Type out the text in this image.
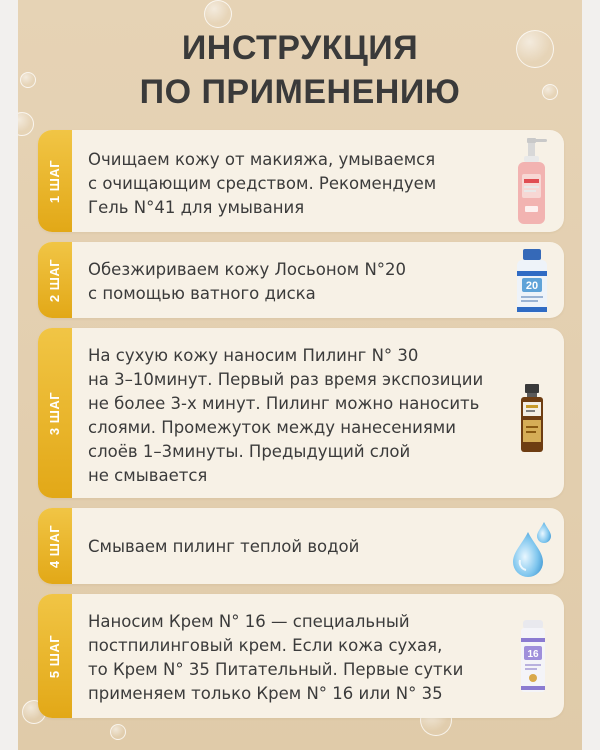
ИНСТРУКЦИЯ
ПО ПРИМЕНЕНИЮ
1 ШАГ Очищаем кожу от макияжа, умываемся
с очищающим средством. Рекомендуем
Гель N°41 для умывания
2 ШАГ Обезжириваем кожу Лосьоном N°20
с помощью ватного диска	20
3 ШАГ
На сухую кожу наносим Пилинг N° 30
на 3–10минут. Первый раз время экспозиции
не более 3-х минут. Пилинг можно наносить
слоями. Промежуток между нанесениями
слоёв 1–3минуты. Предыдущий слой
не смывается
4 ШАГ Смываем пилинг теплой водой
5 ШАГ
Наносим Крем N° 16 — специальный
постпилинговый крем. Если кожа сухая,
то Крем N° 35 Питательный. Первые сутки
применяем только Крем N° 16 или N° 35
16
